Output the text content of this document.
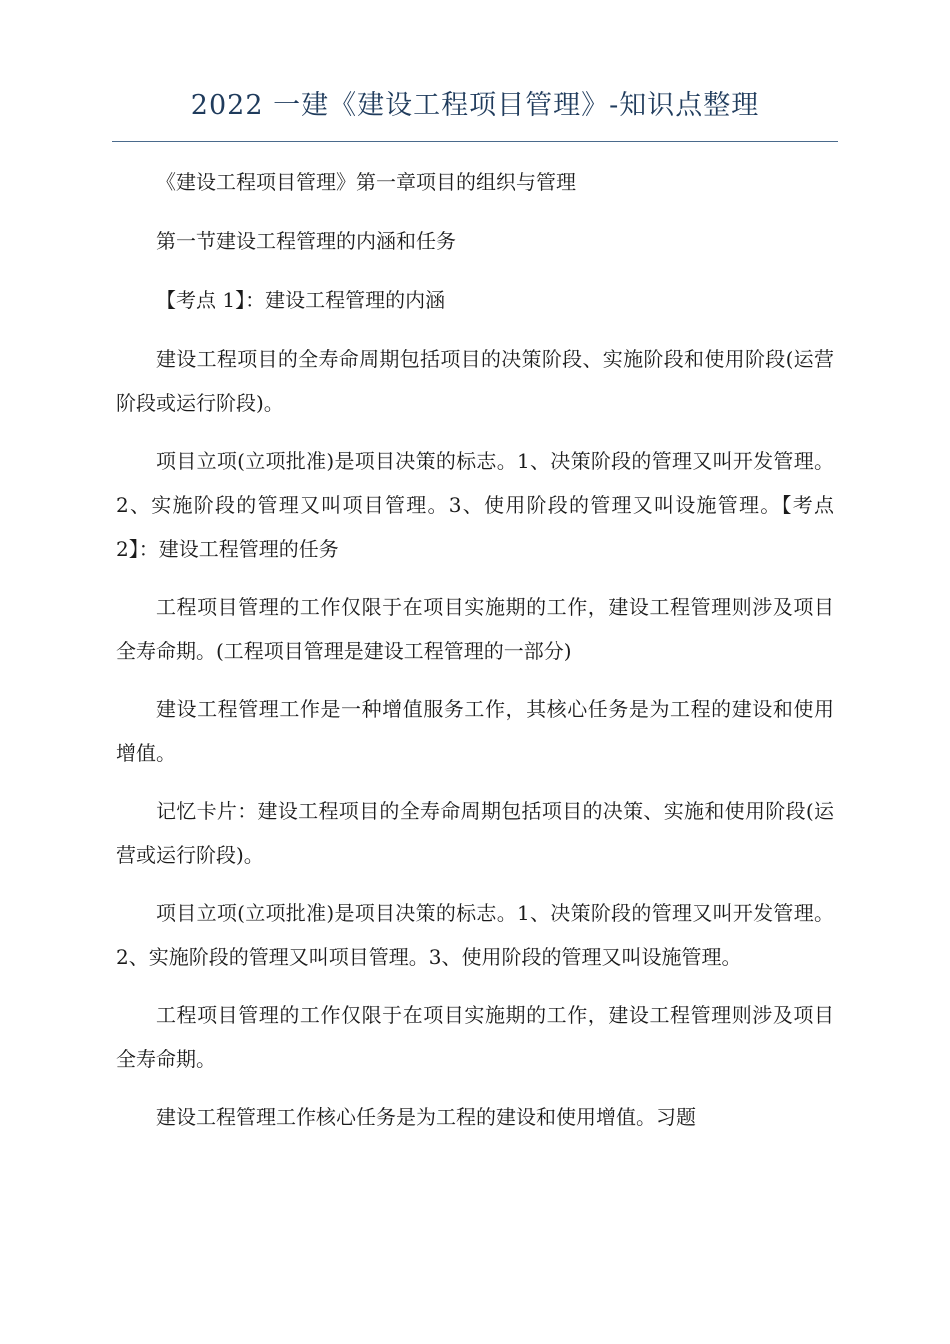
2022 一建《建设工程项目管理》-知识点整理

《建设工程项目管理》第一章项目的组织与管理

第一节建设工程管理的内涵和任务

【考点 1】：建设工程管理的内涵

建设工程项目的全寿命周期包括项目的决策阶段、实施阶段和使用阶段(运营阶段或运行阶段)。

项目立项(立项批准)是项目决策的标志。1、决策阶段的管理又叫开发管理。2、实施阶段的管理又叫项目管理。3、使用阶段的管理又叫设施管理。【考点 2】：建设工程管理的任务

工程项目管理的工作仅限于在项目实施期的工作，建设工程管理则涉及项目全寿命期。(工程项目管理是建设工程管理的一部分)

建设工程管理工作是一种增值服务工作，其核心任务是为工程的建设和使用增值。

记忆卡片：建设工程项目的全寿命周期包括项目的决策、实施和使用阶段(运营或运行阶段)。

项目立项(立项批准)是项目决策的标志。1、决策阶段的管理又叫开发管理。2、实施阶段的管理又叫项目管理。3、使用阶段的管理又叫设施管理。

工程项目管理的工作仅限于在项目实施期的工作，建设工程管理则涉及项目全寿命期。

建设工程管理工作核心任务是为工程的建设和使用增值。习题
